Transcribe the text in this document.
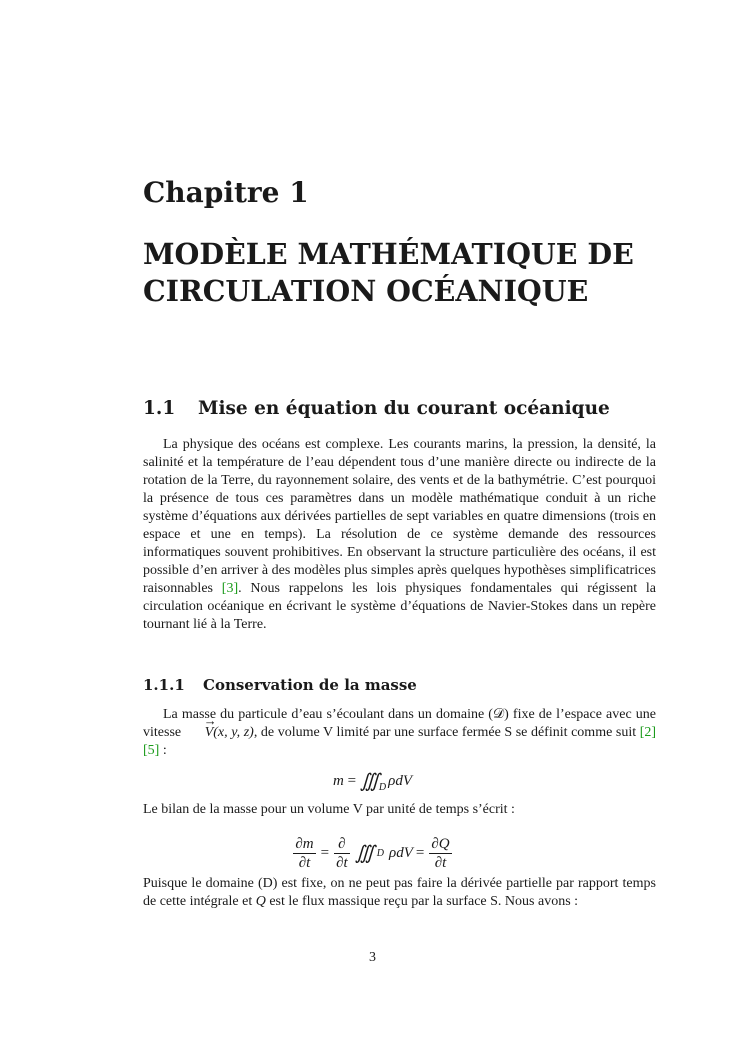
Chapitre 1
MODÈLE MATHÉMATIQUE DE CIRCULATION OCÉANIQUE
1.1 Mise en équation du courant océanique

La physique des océans est complexe. Les courants marins, la pression, la densité, la salinité et la température de l’eau dépendent tous d’une manière directe ou indirecte de la rotation de la Terre, du rayonnement solaire, des vents et de la bathymétrie. C’est pourquoi la présence de tous ces paramètres dans un modèle mathématique conduit à un riche système d’équations aux dérivées partielles de sept variables en quatre dimensions (trois en espace et une en temps). La résolution de ce système demande des ressources informatiques souvent prohibitives. En observant la structure particulière des océans, il est possible d’en arriver à des modèles plus simples après quelques hypothèses simplificatrices raisonnables [3]. Nous rappelons les lois physiques fondamentales qui régissent la circulation océanique en écrivant le système d’équations de Navier-Stokes dans un repère tournant lié à la Terre.

1.1.1 Conservation de la masse

La masse du particule d’eau s’écoulant dans un domaine (𝒟) fixe de l’espace avec une vitesse → V(x, y, z), de volume V limité par une surface fermée S se définit comme suit [2] [5] :

m = ∭ $_D$ ρdV

Le bilan de la masse pour un volume V par unité de temps s’écrit :

$\frac{\partial m}{\partial t} = \frac{\partial}{\partial t}$ ∭ D $\rho dV = \frac{\partial Q}{\partial t}$

Puisque le domaine (D) est fixe, on ne peut pas faire la dérivée partielle par rapport temps de cette intégrale et Q est le flux massique reçu par la surface S. Nous avons :

3
